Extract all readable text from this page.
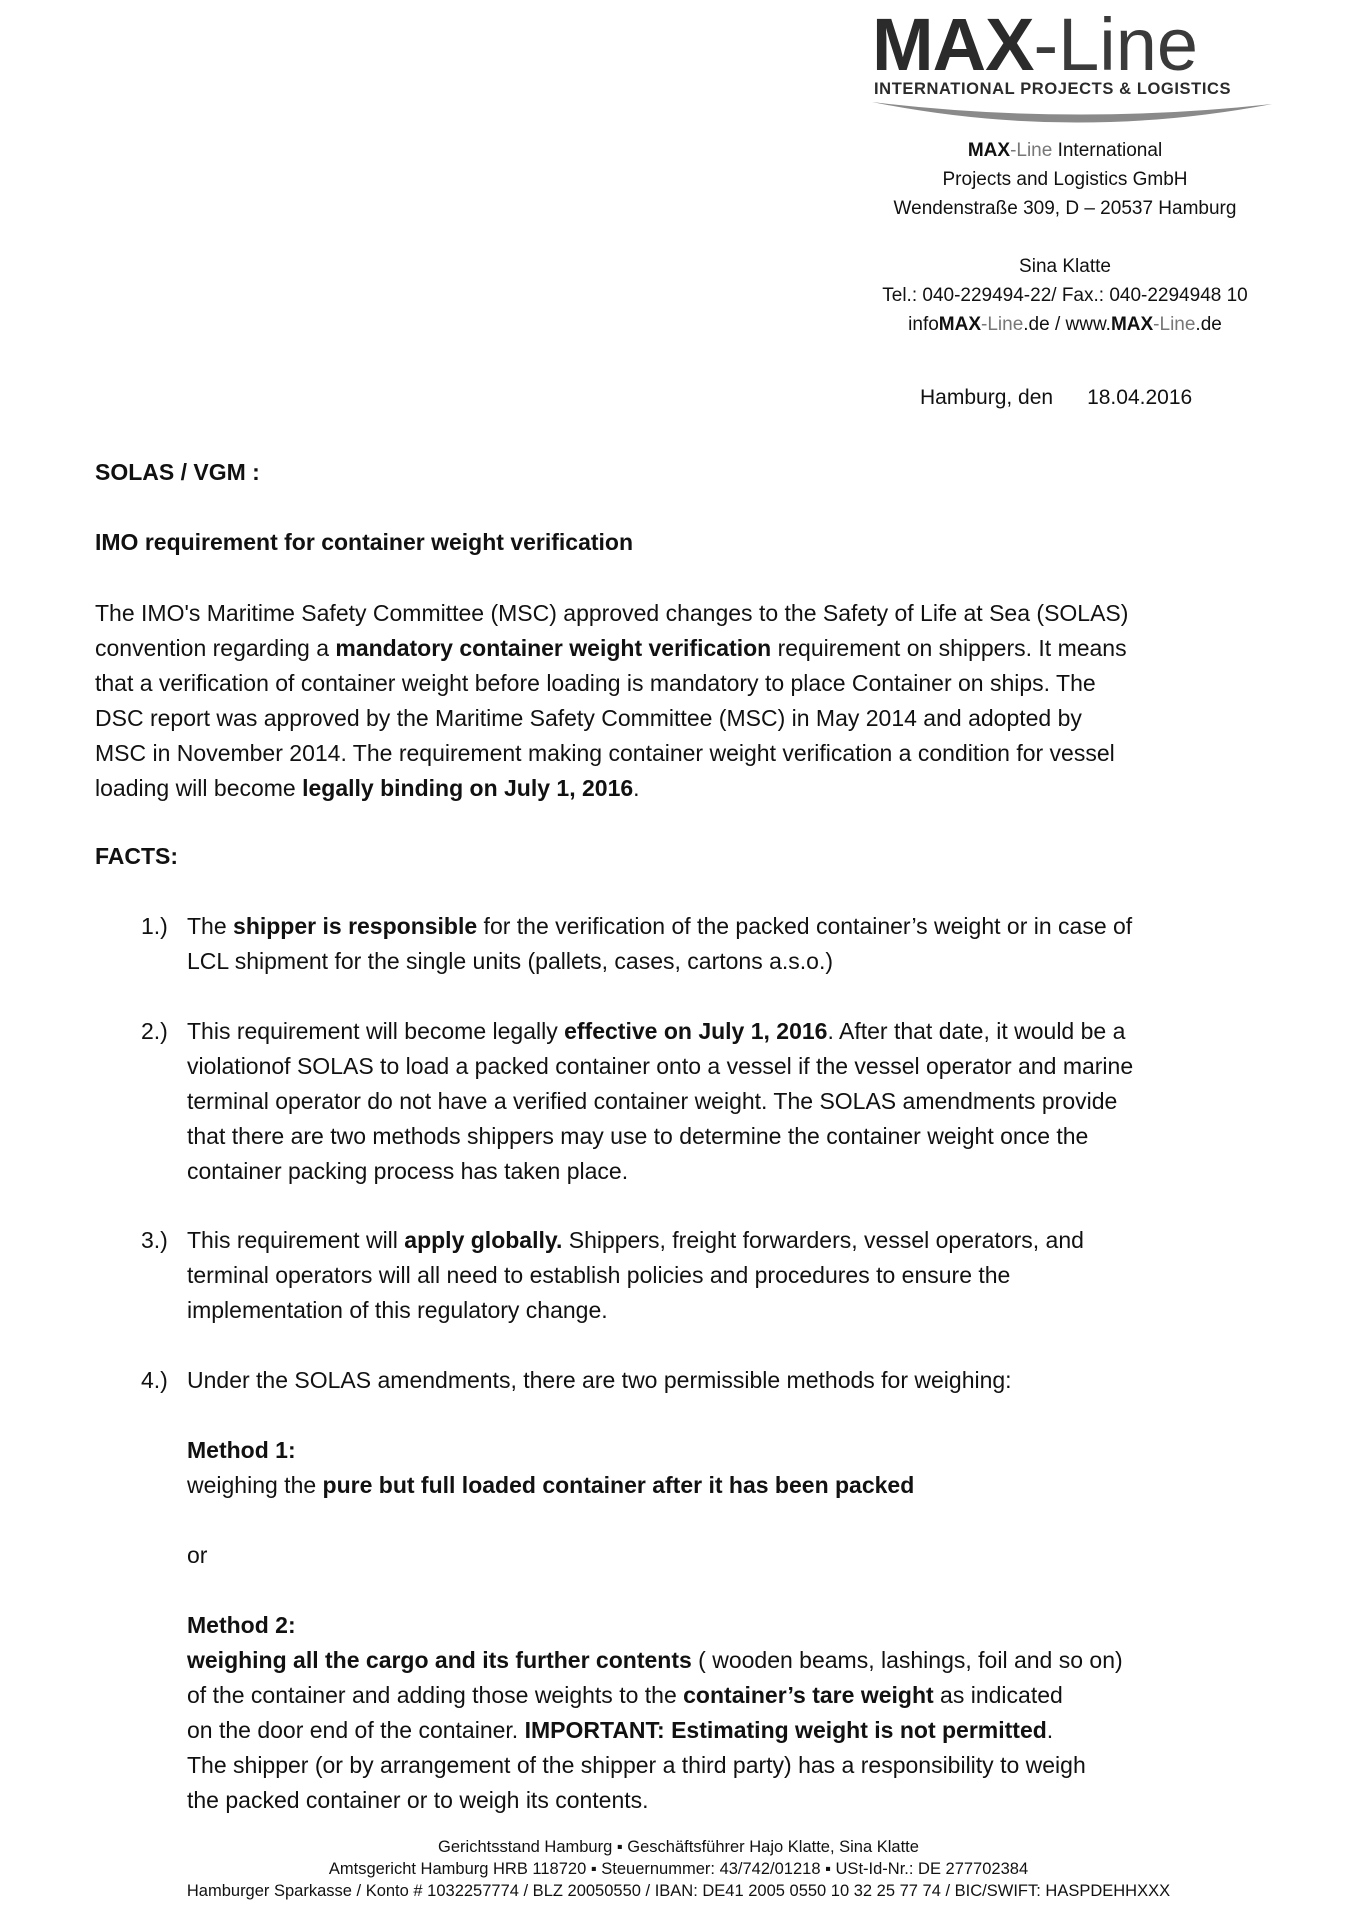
MAX-Line
INTERNATIONAL PROJECTS & LOGISTICS
MAX-Line International
Projects and Logistics GmbH
Wendenstraße 309, D – 20537 Hamburg
Sina Klatte
Tel.: 040-229494-22/ Fax.: 040-2294948 10
infoMAX-Line.de / www.MAX-Line.de
Hamburg, den 18.04.2016
SOLAS / VGM :
IMO requirement for container weight verification
The IMO's Maritime Safety Committee (MSC) approved changes to the Safety of Life at Sea (SOLAS)
convention regarding a mandatory container weight verification requirement on shippers. It means
that a verification of container weight before loading is mandatory to place Container on ships. The
DSC report was approved by the Maritime Safety Committee (MSC) in May 2014 and adopted by
MSC in November 2014. The requirement making container weight verification a condition for vessel
loading will become legally binding on July 1, 2016.
FACTS:
1.) The shipper is responsible for the verification of the packed container’s weight or in case of
LCL shipment for the single units (pallets, cases, cartons a.s.o.)
2.) This requirement will become legally effective on July 1, 2016. After that date, it would be a
violationof SOLAS to load a packed container onto a vessel if the vessel operator and marine
terminal operator do not have a verified container weight. The SOLAS amendments provide
that there are two methods shippers may use to determine the container weight once the
container packing process has taken place.
3.) This requirement will apply globally. Shippers, freight forwarders, vessel operators, and
terminal operators will all need to establish policies and procedures to ensure the
implementation of this regulatory change.
4.) Under the SOLAS amendments, there are two permissible methods for weighing:
Method 1:
weighing the pure but full loaded container after it has been packed
or
Method 2:
weighing all the cargo and its further contents ( wooden beams, lashings, foil and so on)
of the container and adding those weights to the container’s tare weight as indicated
on the door end of the container. IMPORTANT: Estimating weight is not permitted.
The shipper (or by arrangement of the shipper a third party) has a responsibility to weigh
the packed container or to weigh its contents.
Gerichtsstand Hamburg ▪ Geschäftsführer Hajo Klatte, Sina Klatte
Amtsgericht Hamburg HRB 118720 ▪ Steuernummer: 43/742/01218 ▪ USt-Id-Nr.: DE 277702384
Hamburger Sparkasse / Konto # 1032257774 / BLZ 20050550 / IBAN: DE41 2005 0550 10 32 25 77 74 / BIC/SWIFT: HASPDEHHXXX
